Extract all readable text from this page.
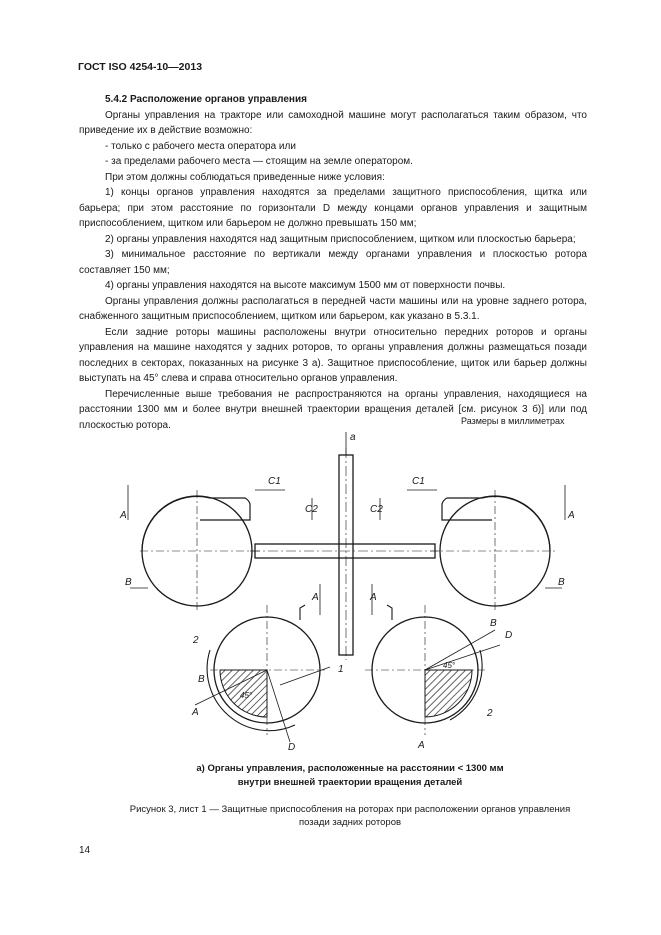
ГОСТ ISO 4254-10—2013

5.4.2 Расположение органов управления

Органы управления на тракторе или самоходной машине могут располагаться таким образом, что приведение их в действие возможно:

- только с рабочего места оператора или

- за пределами рабочего места — стоящим на земле оператором.

При этом должны соблюдаться приведенные ниже условия:

1) концы органов управления находятся за пределами защитного приспособления, щитка или барьера; при этом расстояние по горизонтали D между концами органов управления и защитным приспособлением, щитком или барьером не должно превышать 150 мм;

2) органы управления находятся над защитным приспособлением, щитком или плоскостью барьера;

3) минимальное расстояние по вертикали между органами управления и плоскостью ротора составляет 150 мм;

4) органы управления находятся на высоте максимум 1500 мм от поверхности почвы.

Органы управления должны располагаться в передней части машины или на уровне заднего ротора, снабженного защитным приспособлением, щитком или барьером, как указано в 5.3.1.

Если задние роторы машины расположены внутри относительно передних роторов и органы управления на машине находятся у задних роторов, то органы управления должны размещаться позади последних в секторах, показанных на рисунке 3 а). Защитное приспособление, щиток или барьер должны выступать на 45° слева и справа относительно органов управления.

Перечисленные выше требования не распространяются на органы управления, находящиеся на расстоянии 1300 мм и более внутри внешней траектории вращения деталей [см. рисунок 3 б)] или под плоскостью ротора.	Размеры в миллиметрах
a
A	A
B	B
C1	C1
C2	C2
A	A
1
2
2
B
B
A
A
D
D
45°
45°
а) Органы управления, расположенные на расстоянии < 1300 мм
внутри внешней траектории вращения деталей
Рисунок 3, лист 1 — Защитные приспособления на роторах при расположении органов управления
позади задних роторов
14
